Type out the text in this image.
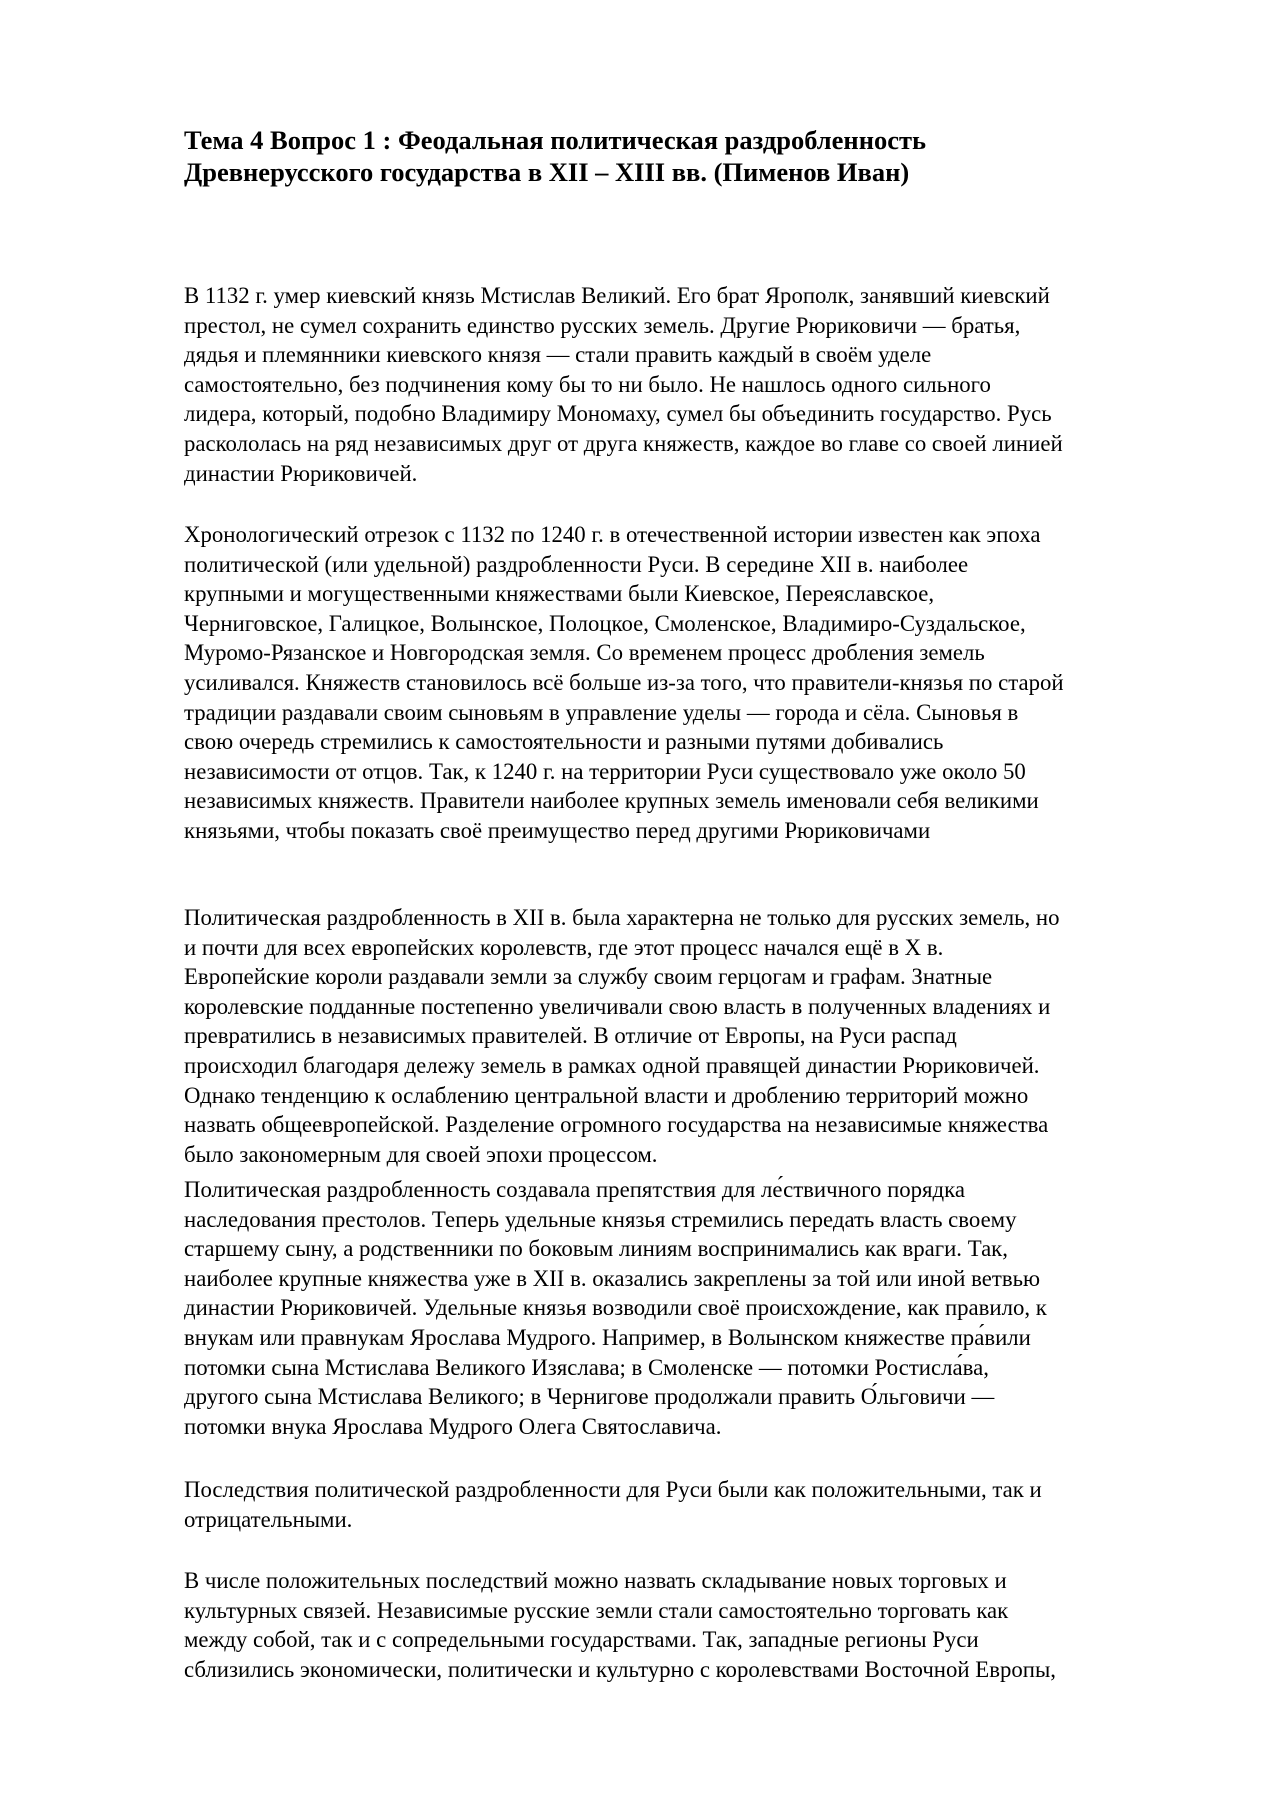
Тема 4 Вопрос 1 : Феодальная политическая раздробленность
Древнерусского государства в XII – XIII вв. (Пименов Иван)

В 1132 г. умер киевский князь Мстислав Великий. Его брат Ярополк, занявший киевский
престол, не сумел сохранить единство русских земель. Другие Рюриковичи — братья,
дядья и племянники киевского князя — стали править каждый в своём уделе
самостоятельно, без подчинения кому бы то ни было. Не нашлось одного сильного
лидера, который, подобно Владимиру Мономаху, сумел бы объединить государство. Русь
раскололась на ряд независимых друг от друга княжеств, каждое во главе со своей линией
династии Рюриковичей.

Хронологический отрезок с 1132 по 1240 г. в отечественной истории известен как эпоха
политической (или удельной) раздробленности Руси. В середине XII в. наиболее
крупными и могущественными княжествами были Киевское, Переяславское,
Черниговское, Галицкое, Волынское, Полоцкое, Смоленское, Владимиро-Суздальское,
Муромо-Рязанское и Новгородская земля. Со временем процесс дробления земель
усиливался. Княжеств становилось всё больше из-за того, что правители-князья по старой
традиции раздавали своим сыновьям в управление уделы — города и сёла. Сыновья в
свою очередь стремились к самостоятельности и разными путями добивались
независимости от отцов. Так, к 1240 г. на территории Руси существовало уже около 50
независимых княжеств. Правители наиболее крупных земель именовали себя великими
князьями, чтобы показать своё преимущество перед другими Рюриковичами

Политическая раздробленность в XII в. была характерна не только для русских земель, но
и почти для всех европейских королевств, где этот процесс начался ещё в X в.
Европейские короли раздавали земли за службу своим герцогам и графам. Знатные
королевские подданные постепенно увеличивали свою власть в полученных владениях и
превратились в независимых правителей. В отличие от Европы, на Руси распад
происходил благодаря дележу земель в рамках одной правящей династии Рюриковичей.
Однако тенденцию к ослаблению центральной власти и дроблению территорий можно
назвать общеевропейской. Разделение огромного государства на независимые княжества
было закономерным для своей эпохи процессом.

Политическая раздробленность создавала препятствия для ле́ствичного порядка
наследования престолов. Теперь удельные князья стремились передать власть своему
старшему сыну, а родственники по боковым линиям воспринимались как враги. Так,
наиболее крупные княжества уже в XII в. оказались закреплены за той или иной ветвью
династии Рюриковичей. Удельные князья возводили своё происхождение, как правило, к
внукам или правнукам Ярослава Мудрого. Например, в Волынском княжестве пра́вили
потомки сына Мстислава Великого Изяслава; в Смоленске — потомки Ростисла́ва,
другого сына Мстислава Великого; в Чернигове продолжали править О́льговичи —
потомки внука Ярослава Мудрого Олега Святославича.

Последствия политической раздробленности для Руси были как положительными, так и
отрицательными.

В числе положительных последствий можно назвать складывание новых торговых и
культурных связей. Независимые русские земли стали самостоятельно торговать как
между собой, так и с сопредельными государствами. Так, западные регионы Руси
сблизились экономически, политически и культурно с королевствами Восточной Европы,
